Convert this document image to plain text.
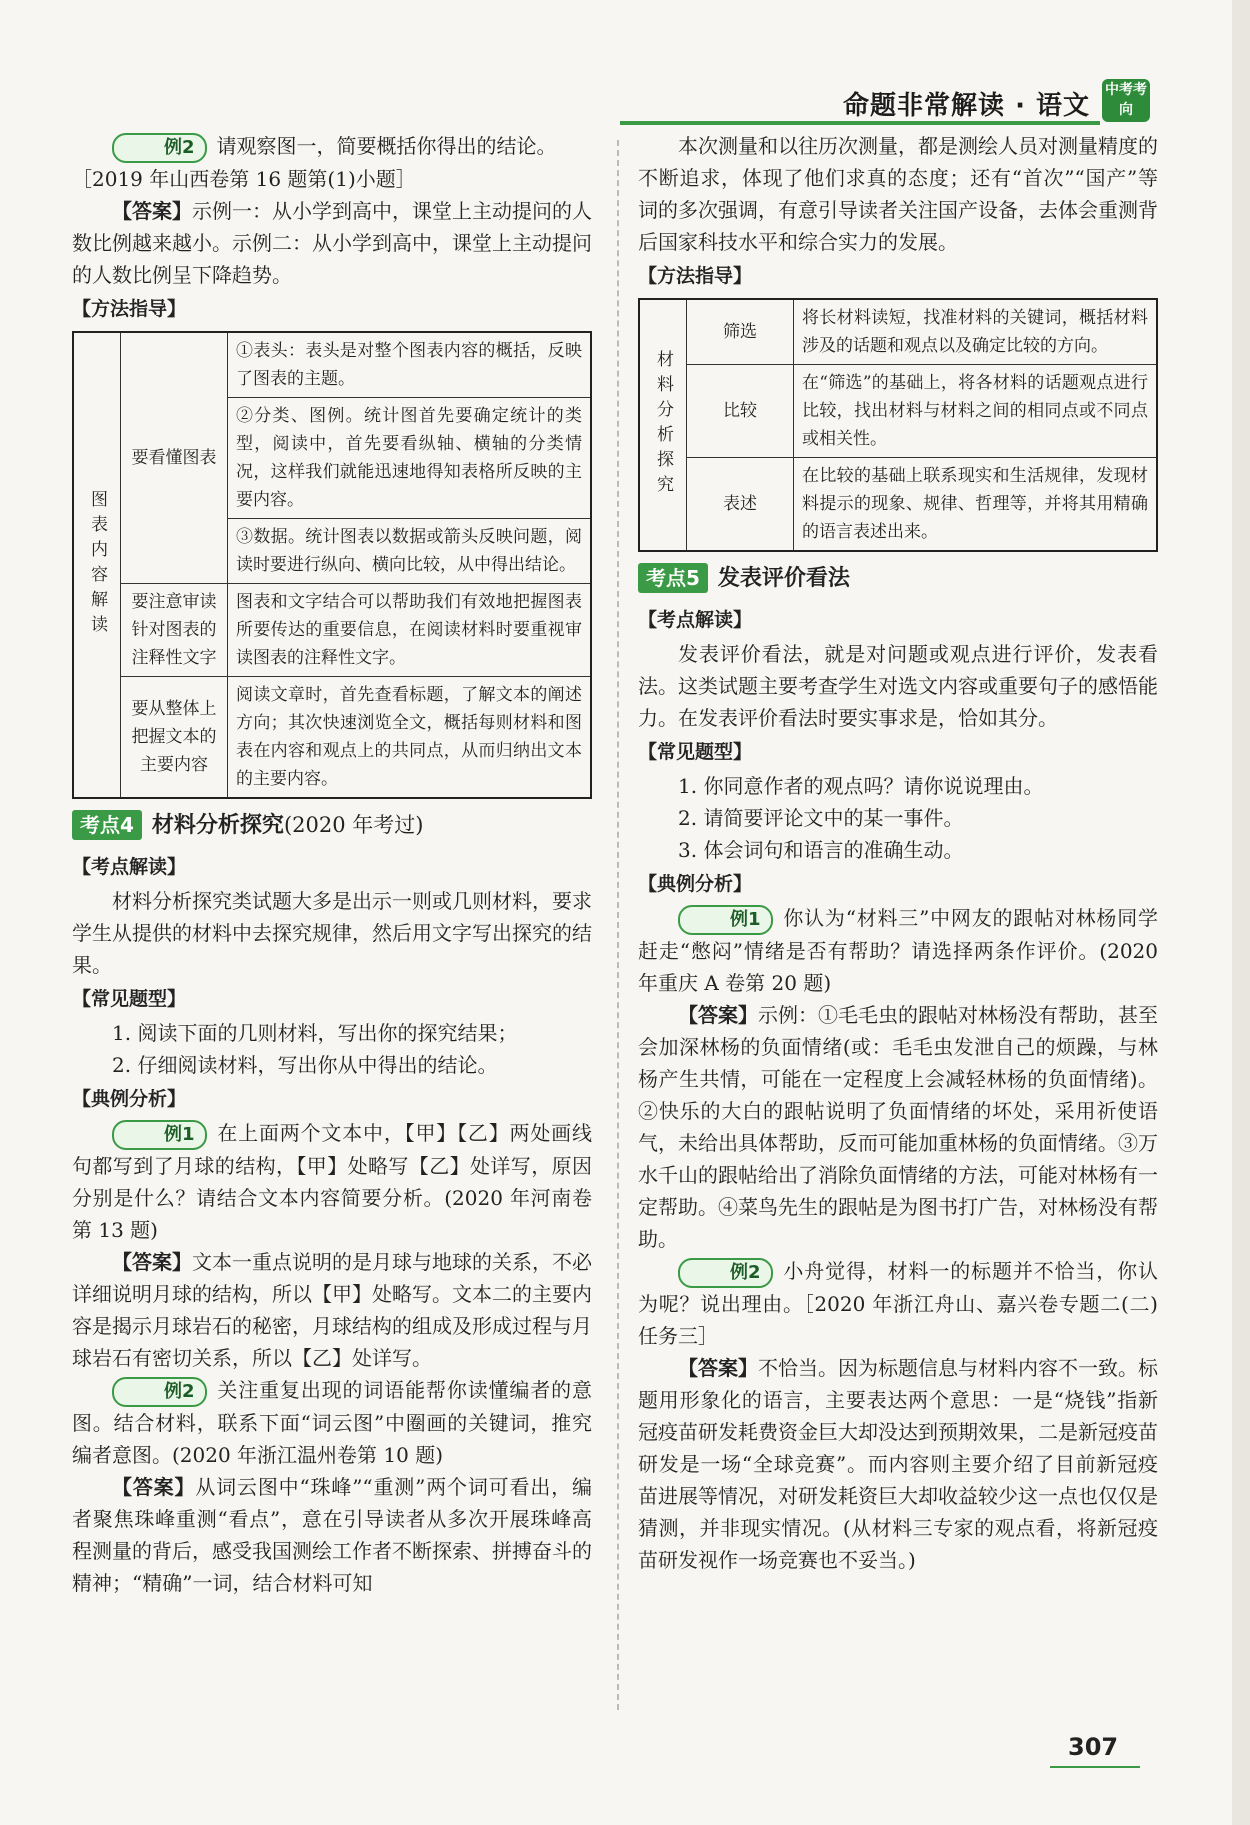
命题非常解读 · 语文
中考考向

例2 请观察图一，简要概括你得出的结论。

［2019 年山西卷第 16 题第(1)小题］

【答案】示例一：从小学到高中，课堂上主动提问的人数比例越来越小。示例二：从小学到高中，课堂上主动提问的人数比例呈下降趋势。

【方法指导】
图表内容解读	要看懂图表	①表头：表头是对整个图表内容的概括，反映了图表的主题。
		②分类、图例。统计图首先要确定统计的类型，阅读中，首先要看纵轴、横轴的分类情况，这样我们就能迅速地得知表格所反映的主要内容。
		③数据。统计图表以数据或箭头反映问题，阅读时要进行纵向、横向比较，从中得出结论。
	要注意审读针对图表的注释性文字	图表和文字结合可以帮助我们有效地把握图表所要传达的重要信息，在阅读材料时要重视审读图表的注释性文字。
	要从整体上把握文本的主要内容	阅读文章时，首先查看标题，了解文本的阐述方向；其次快速浏览全文，概括每则材料和图表在内容和观点上的共同点，从而归纳出文本的主要内容。
考点4 材料分析探究(2020 年考过)
【考点解读】

材料分析探究类试题大多是出示一则或几则材料，要求学生从提供的材料中去探究规律，然后用文字写出探究的结果。

【常见题型】

1. 阅读下面的几则材料，写出你的探究结果；

2. 仔细阅读材料，写出你从中得出的结论。

【典例分析】

例1 在上面两个文本中，【甲】【乙】两处画线句都写到了月球的结构，【甲】处略写【乙】处详写，原因分别是什么？请结合文本内容简要分析。(2020 年河南卷第 13 题)

【答案】文本一重点说明的是月球与地球的关系，不必详细说明月球的结构，所以【甲】处略写。文本二的主要内容是揭示月球岩石的秘密，月球结构的组成及形成过程与月球岩石有密切关系，所以【乙】处详写。

例2 关注重复出现的词语能帮你读懂编者的意图。结合材料，联系下面“词云图”中圈画的关键词，推究编者意图。(2020 年浙江温州卷第 10 题)

【答案】从词云图中“珠峰”“重测”两个词可看出，编者聚焦珠峰重测“看点”，意在引导读者从多次开展珠峰高程测量的背后，感受我国测绘工作者不断探索、拼搏奋斗的精神；“精确”一词，结合材料可知

本次测量和以往历次测量，都是测绘人员对测量精度的不断追求，体现了他们求真的态度；还有“首次”“国产”等词的多次强调，有意引导读者关注国产设备，去体会重测背后国家科技水平和综合实力的发展。

【方法指导】
材料分析探究	筛选	将长材料读短，找准材料的关键词，概括材料涉及的话题和观点以及确定比较的方向。
	比较	在“筛选”的基础上，将各材料的话题观点进行比较，找出材料与材料之间的相同点或不同点或相关性。
	表述	在比较的基础上联系现实和生活规律，发现材料提示的现象、规律、哲理等，并将其用精确的语言表述出来。
考点5 发表评价看法
【考点解读】

发表评价看法，就是对问题或观点进行评价，发表看法。这类试题主要考查学生对选文内容或重要句子的感悟能力。在发表评价看法时要实事求是，恰如其分。

【常见题型】

1. 你同意作者的观点吗？请你说说理由。

2. 请简要评论文中的某一事件。

3. 体会词句和语言的准确生动。

【典例分析】

例1 你认为“材料三”中网友的跟帖对林杨同学赶走“憋闷”情绪是否有帮助？请选择两条作评价。(2020 年重庆 A 卷第 20 题)

【答案】示例：①毛毛虫的跟帖对林杨没有帮助，甚至会加深林杨的负面情绪(或：毛毛虫发泄自己的烦躁，与林杨产生共情，可能在一定程度上会减轻林杨的负面情绪)。②快乐的大白的跟帖说明了负面情绪的坏处，采用祈使语气，未给出具体帮助，反而可能加重林杨的负面情绪。③万水千山的跟帖给出了消除负面情绪的方法，可能对林杨有一定帮助。④菜鸟先生的跟帖是为图书打广告，对林杨没有帮助。

例2 小舟觉得，材料一的标题并不恰当，你认为呢？说出理由。［2020 年浙江舟山、嘉兴卷专题二(二)任务三］

【答案】不恰当。因为标题信息与材料内容不一致。标题用形象化的语言，主要表达两个意思：一是“烧钱”指新冠疫苗研发耗费资金巨大却没达到预期效果，二是新冠疫苗研发是一场“全球竞赛”。而内容则主要介绍了目前新冠疫苗进展等情况，对研发耗资巨大却收益较少这一点也仅仅是猜测，并非现实情况。(从材料三专家的观点看，将新冠疫苗研发视作一场竞赛也不妥当。)

307
